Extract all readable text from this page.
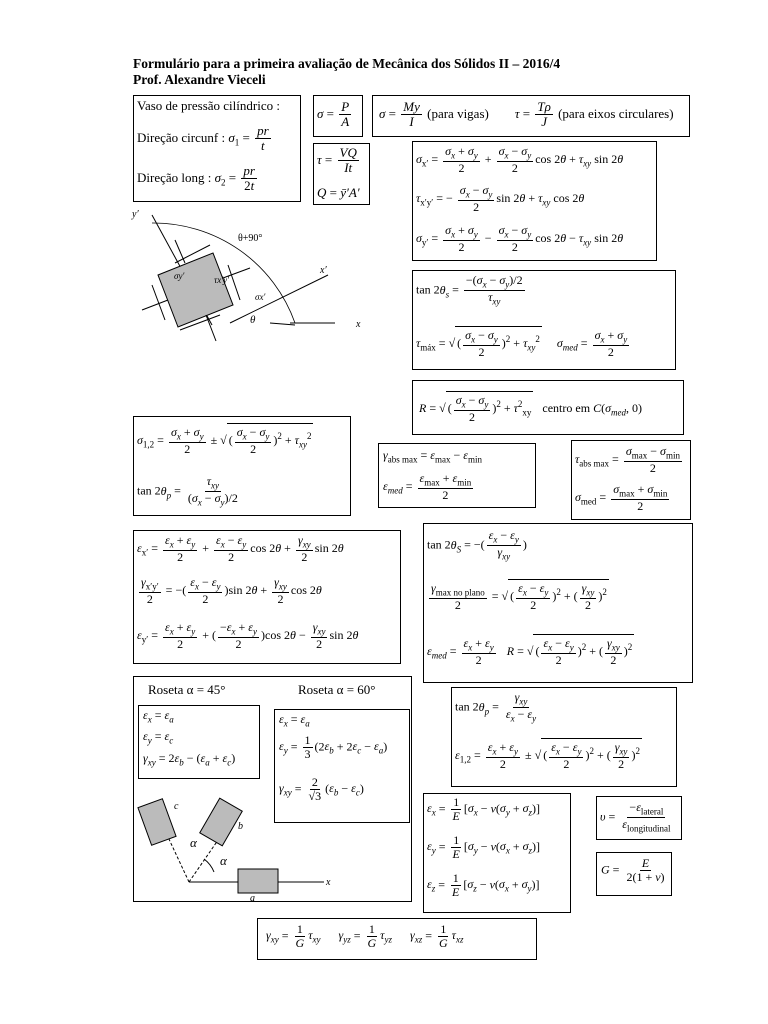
Formulário para a primeira avaliação de Mecânica dos Sólidos II – 2016/4
Prof. Alexandre Vieceli
Vaso de pressão cilíndrico :
Direção circunf : $\sigma_1 = \frac{pr}{t}$
Direção long : $\sigma_2 = \frac{pr}{2t}$
$\sigma = \frac{P}{A}$ $\sigma = \frac{My}{I}$ (para vigas) $\tau = \frac{T\rho}{J}$ (para eixos circulares)
$\tau = \frac{VQ}{It}$
Q = ȳ′A′
$\sigma_{x'} = \frac{\sigma_x + \sigma_y}{2} + \frac{\sigma_x - \sigma_y}{2}$ $\cos 2\theta + \tau_{xy}$ sin 2θ
$\tau_{x'y'}$ = − $\frac{\sigma_x - \sigma_y}{2}$ $\sin 2\theta + \tau_{xy}$ cos 2θ
$\sigma_{y'} = \frac{\sigma_x + \sigma_y}{2} - \frac{\sigma_x - \sigma_y}{2}$ $\cos 2\theta - \tau_{xy}$ sin 2θ
x
x′
y′
θ+90°
θ
σy′	τx′y′
σx′
$\tan 2\theta_s$ =
$-(\sigma_x - \sigma_y)/2$
$\tau_{xy}$
$\tau_{máx}$ = √ ( $\frac{\sigma_x - \sigma_y}{2} )^2 + \tau_{xy}^2$ $\sigma_{med} = \frac{\sigma_x + \sigma_y}{2}$
R = √ ( $\frac{\sigma_x - \sigma_y}{2} )^2 + \tau^2_{xy}$ centro em $C(\sigma_{med}$, 0)
$\sigma_{1,2} = \frac{\sigma_x + \sigma_y}{2}$ ± √ ( $\frac{\sigma_x - \sigma_y}{2} )^2 + \tau_{xy}^2$
$\tan 2\theta_p$ =
$\tau_{xy}$
$(\sigma_x - \sigma_y)/2$
$\gamma_{abs max} = \varepsilon_{max} - \varepsilon_{min}$
$\varepsilon_{med}$ =
$\varepsilon_{max} + \varepsilon_{min}$
2
$\tau_{abs max}$ =
$\sigma_{max} - \sigma_{min}$
2
$\sigma_{med}$ =
$\sigma_{max} + \sigma_{min}$
2
$\varepsilon_{x'} = \frac{\varepsilon_x + \varepsilon_y}{2} + \frac{\varepsilon_x - \varepsilon_y}{2}$ cos 2θ +
$\gamma_{xy}$
2
sin 2θ
$\frac{\gamma_{x'y'}}{2}$ = −( $\frac{\varepsilon_x - \varepsilon_y}{2} )\sin$ 2θ +
$\gamma_{xy}$
2
cos 2θ
$\varepsilon_{y'} = \frac{\varepsilon_x + \varepsilon_y}{2}$ + ( $\frac{-\varepsilon_x + \varepsilon_y}{2} )\cos$ 2θ −
$\gamma_{xy}$
2
sin 2θ
$\tan 2\theta_S$ = −(
$\varepsilon_x - \varepsilon_y$
$\gamma_{xy}$
)
$\gamma_{max no plano}$
2
= √ ( $\frac{\varepsilon_x - \varepsilon_y}{2} )^2$ + (
$\gamma_{xy}$
2
)$^2$
$\varepsilon_{med} = \frac{\varepsilon_x + \varepsilon_y}{2}$ R = √ ( $\frac{\varepsilon_x - \varepsilon_y}{2} )^2$ + (
$\gamma_{xy}$
2
)$^2$
Roseta α = 45°	Roseta α = 60°
$\varepsilon_x = \varepsilon_a$
$\varepsilon_y = \varepsilon_c$
$\gamma_{xy} = 2\varepsilon_b - (\varepsilon_a + \varepsilon_c)$
$\varepsilon_x = \varepsilon_a$
$\varepsilon_y = \frac{1}{3} (2\varepsilon_b + 2\varepsilon_c - \varepsilon_a)$
$\gamma_{xy} = \frac{2}{√3} (\varepsilon_b - \varepsilon_c)$
a
b
c
α
α
x
$\tan 2\theta_p$ =
$\gamma_{xy}$
$\varepsilon_x - \varepsilon_y$
$\varepsilon_{1,2} = \frac{\varepsilon_x + \varepsilon_y}{2}$ ± √ ( $\frac{\varepsilon_x - \varepsilon_y}{2} )^2$ + (
$\gamma_{xy}$
2
)$^2$
$\varepsilon_x = \frac{1}{E} [\sigma_x - v(\sigma_y + \sigma_z)]$
$\varepsilon_y = \frac{1}{E} [\sigma_y - v(\sigma_x + \sigma_z)]$
$\varepsilon_z = \frac{1}{E} [\sigma_z - v(\sigma_x + \sigma_y)]$
υ =
$-\varepsilon_{lateral}$
$\varepsilon_{longitudinal}$
$G = \frac{E}{2(1 + v)}$
$\gamma_{xy} = \frac{1}{G} \tau_{xy}$ $\gamma_{yz} = \frac{1}{G} \tau_{yz}$ $\gamma_{xz} = \frac{1}{G} \tau_{xz}$
